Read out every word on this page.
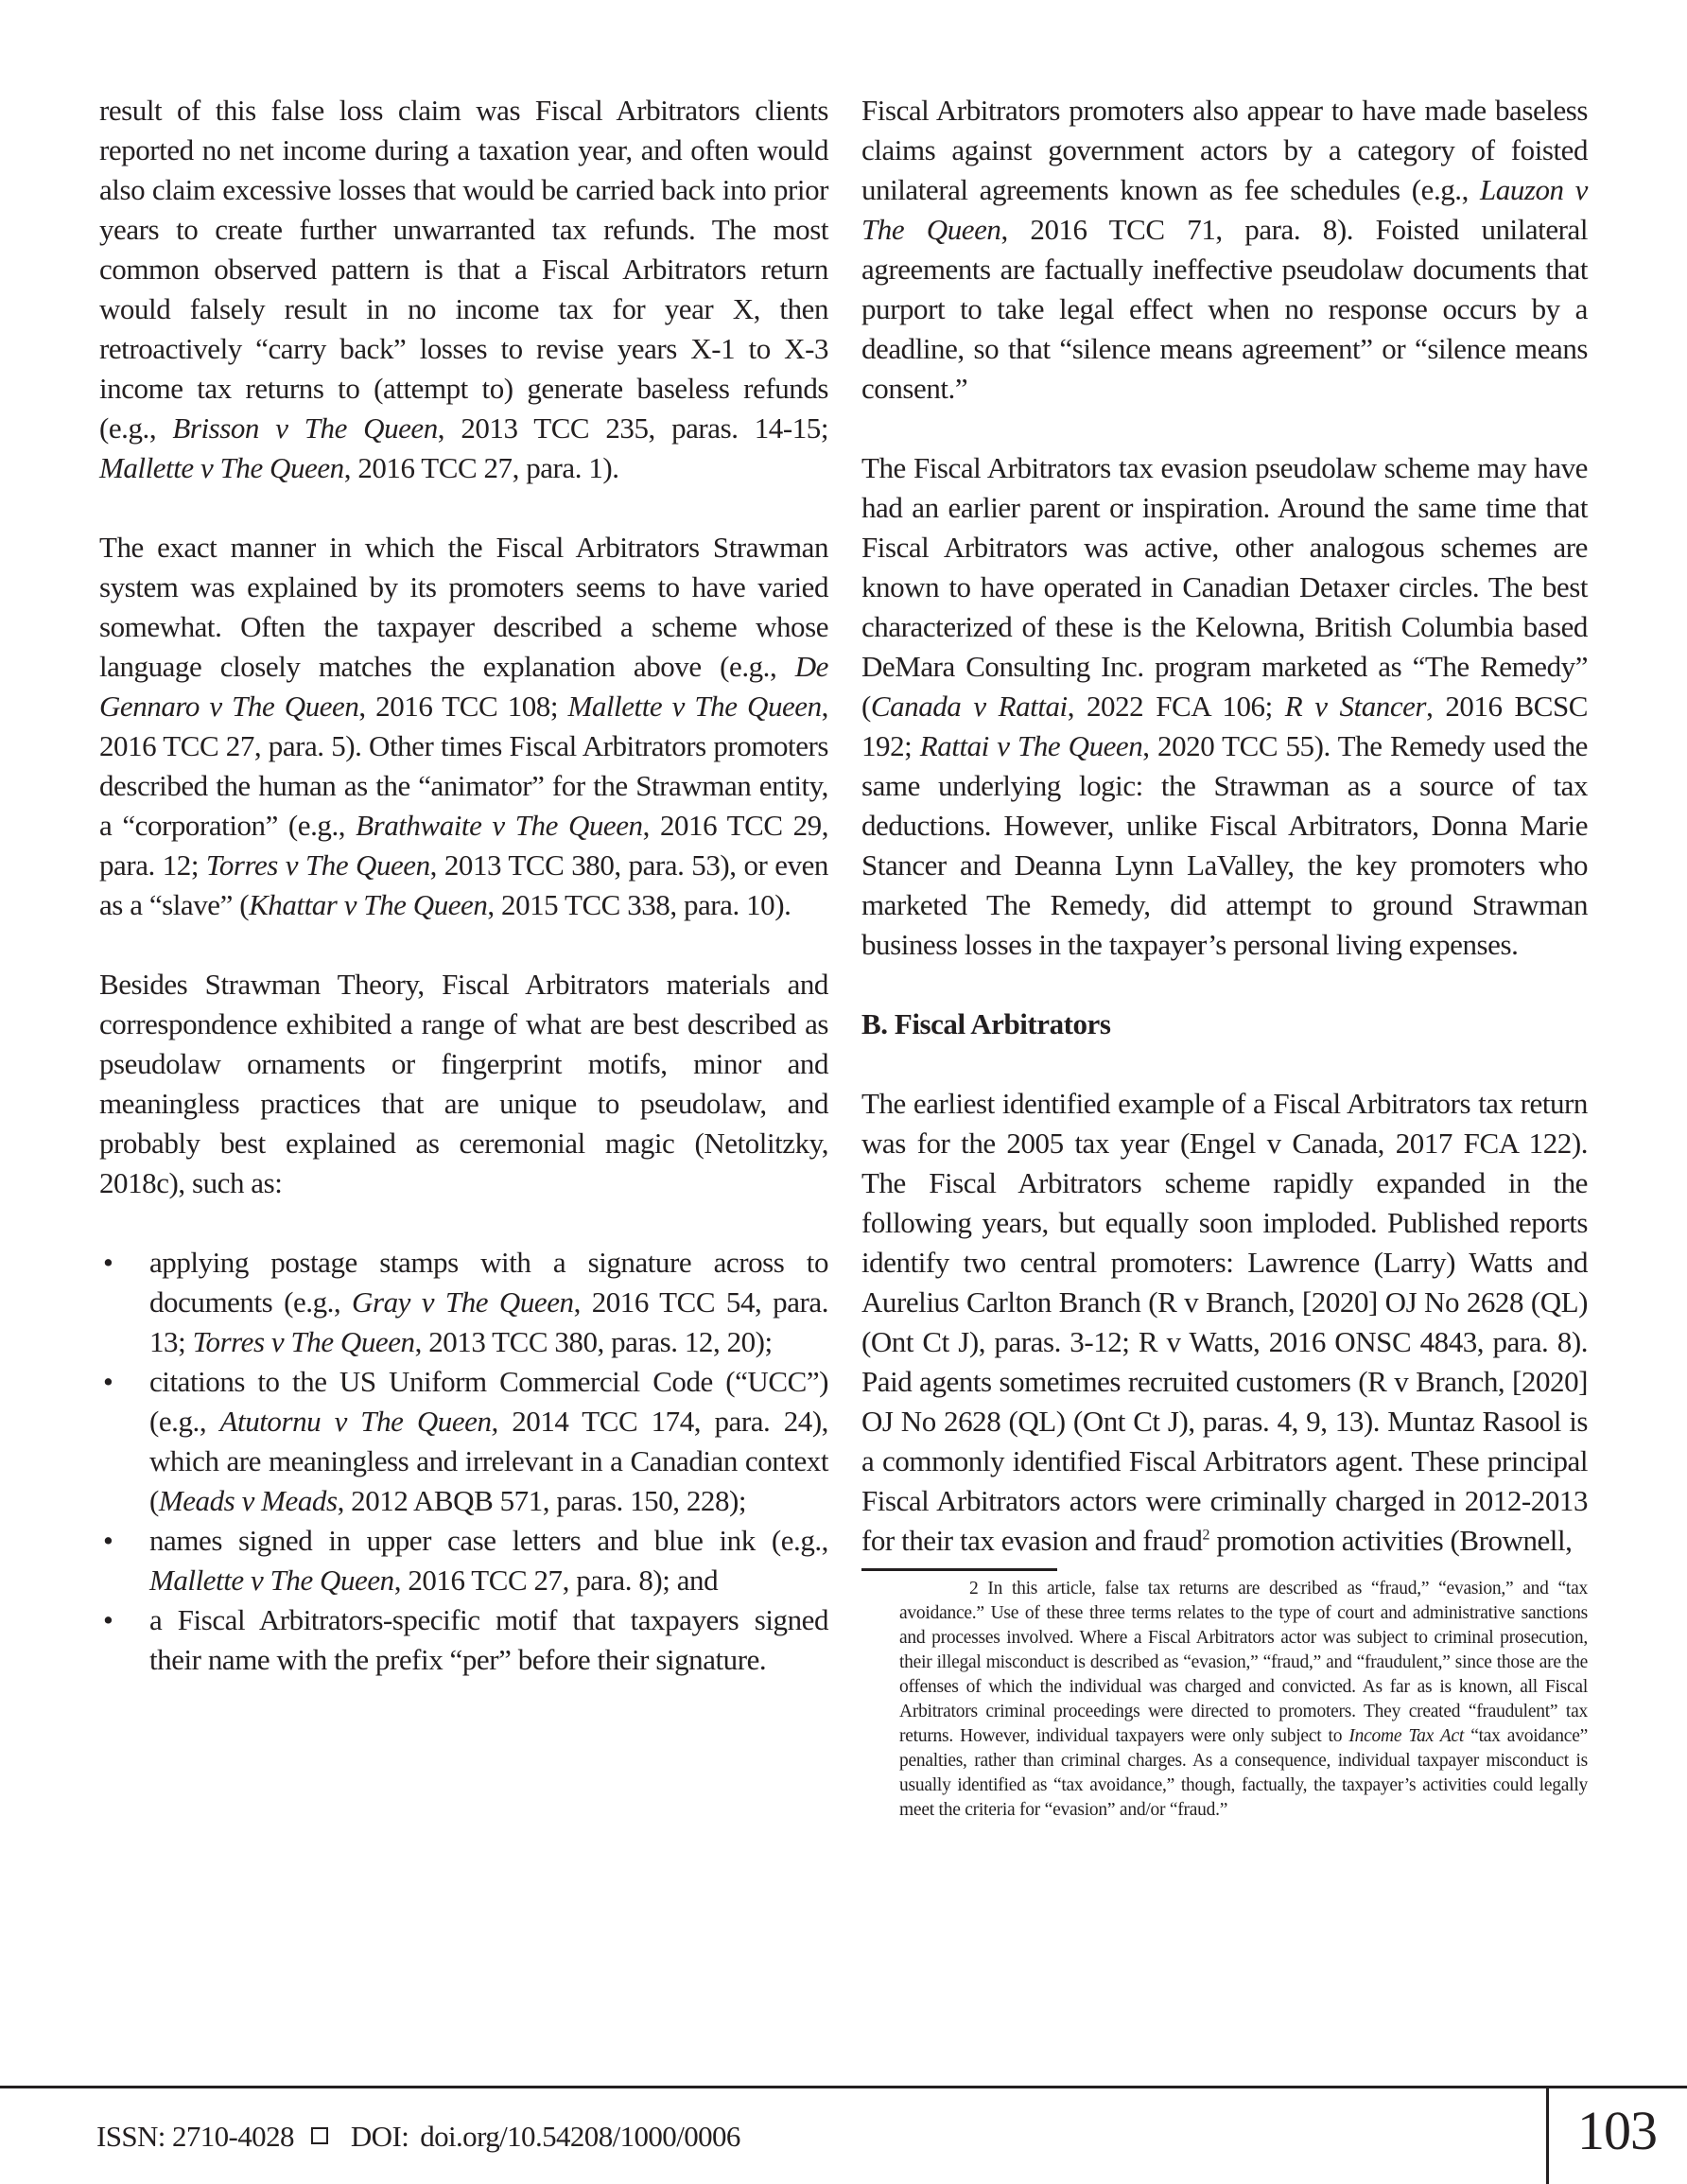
result of this false loss claim was Fiscal Arbitrators clients reported no net income during a taxation year, and often would also claim excessive losses that would be carried back into prior years to create further unwarranted tax refunds. The most common observed pattern is that a Fiscal Arbitrators return would falsely result in no income tax for year X, then retroactively “carry back” losses to revise years X-1 to X-3 income tax returns to (attempt to) generate baseless refunds (e.g., Brisson v The Queen, 2013 TCC 235, paras. 14-15; Mallette v The Queen, 2016 TCC 27, para. 1).

The exact manner in which the Fiscal Arbitrators Strawman system was explained by its promoters seems to have varied somewhat. Often the taxpayer described a scheme whose language closely matches the explanation above (e.g., De Gennaro v The Queen, 2016 TCC 108; Mallette v The Queen, 2016 TCC 27, para. 5). Other times Fiscal Arbitrators promoters described the human as the “animator” for the Strawman entity, a “corporation” (e.g., Brathwaite v The Queen, 2016 TCC 29, para. 12; Torres v The Queen, 2013 TCC 380, para. 53), or even as a “slave” (Khattar v The Queen, 2015 TCC 338, para. 10).

Besides Strawman Theory, Fiscal Arbitrators materials and correspondence exhibited a range of what are best described as pseudolaw ornaments or fingerprint motifs, minor and meaningless practices that are unique to pseudolaw, and probably best explained as ceremonial magic (Netolitzky, 2018c), such as:

• applying postage stamps with a signature across to documents (e.g., Gray v The Queen, 2016 TCC 54, para. 13; Torres v The Queen, 2013 TCC 380, paras. 12, 20);
• citations to the US Uniform Commercial Code (“UCC”) (e.g., Atutornu v The Queen, 2014 TCC 174, para. 24), which are meaningless and irrelevant in a Canadian context (Meads v Meads, 2012 ABQB 571, paras. 150, 228);
• names signed in upper case letters and blue ink (e.g., Mallette v The Queen, 2016 TCC 27, para. 8); and
• a Fiscal Arbitrators-specific motif that taxpayers signed their name with the prefix “per” before their signature.

Fiscal Arbitrators promoters also appear to have made baseless claims against government actors by a category of foisted unilateral agreements known as fee schedules (e.g., Lauzon v The Queen, 2016 TCC 71, para. 8). Foisted unilateral agreements are factually ineffective pseudolaw documents that purport to take legal effect when no response occurs by a deadline, so that “silence means agreement” or “silence means consent.”

The Fiscal Arbitrators tax evasion pseudolaw scheme may have had an earlier parent or inspiration. Around the same time that Fiscal Arbitrators was active, other analogous schemes are known to have operated in Canadian Detaxer circles. The best characterized of these is the Kelowna, British Columbia based DeMara Consulting Inc. program marketed as “The Remedy” (Canada v Rattai, 2022 FCA 106; R v Stancer, 2016 BCSC 192; Rattai v The Queen, 2020 TCC 55). The Remedy used the same underlying logic: the Strawman as a source of tax deductions. However, unlike Fiscal Arbitrators, Donna Marie Stancer and Deanna Lynn LaValley, the key promoters who marketed The Remedy, did attempt to ground Strawman business losses in the taxpayer’s personal living expenses.

B. Fiscal Arbitrators

The earliest identified example of a Fiscal Arbitrators tax return was for the 2005 tax year (Engel v Canada, 2017 FCA 122). The Fiscal Arbitrators scheme rapidly expanded in the following years, but equally soon imploded. Published reports identify two central promoters: Lawrence (Larry) Watts and Aurelius Carlton Branch (R v Branch, [2020] OJ No 2628 (QL) (Ont Ct J), paras. 3-12; R v Watts, 2016 ONSC 4843, para. 8). Paid agents sometimes recruited customers (R v Branch, [2020] OJ No 2628 (QL) (Ont Ct J), paras. 4, 9, 13). Muntaz Rasool is a commonly identified Fiscal Arbitrators agent. These principal Fiscal Arbitrators actors were criminally charged in 2012-2013 for their tax evasion and fraud$^2$ promotion activities (Brownell,

2 In this article, false tax returns are described as “fraud,” “evasion,” and “tax avoidance.” Use of these three terms relates to the type of court and administrative sanctions and processes involved. Where a Fiscal Arbitrators actor was subject to criminal prosecution, their illegal misconduct is described as “evasion,” “fraud,” and “fraudulent,” since those are the offenses of which the individual was charged and convicted. As far as is known, all Fiscal Arbitrators criminal proceedings were directed to promoters. They created “fraudulent” tax returns. However, individual taxpayers were only subject to Income Tax Act “tax avoidance” penalties, rather than criminal charges. As a consequence, individual taxpayer misconduct is usually identified as “tax avoidance,” though, factually, the taxpayer’s activities could legally meet the criteria for “evasion” and/or “fraud.”

ISSN: 2710-4028 DOI: doi.org/10.54208/1000/0006	103
